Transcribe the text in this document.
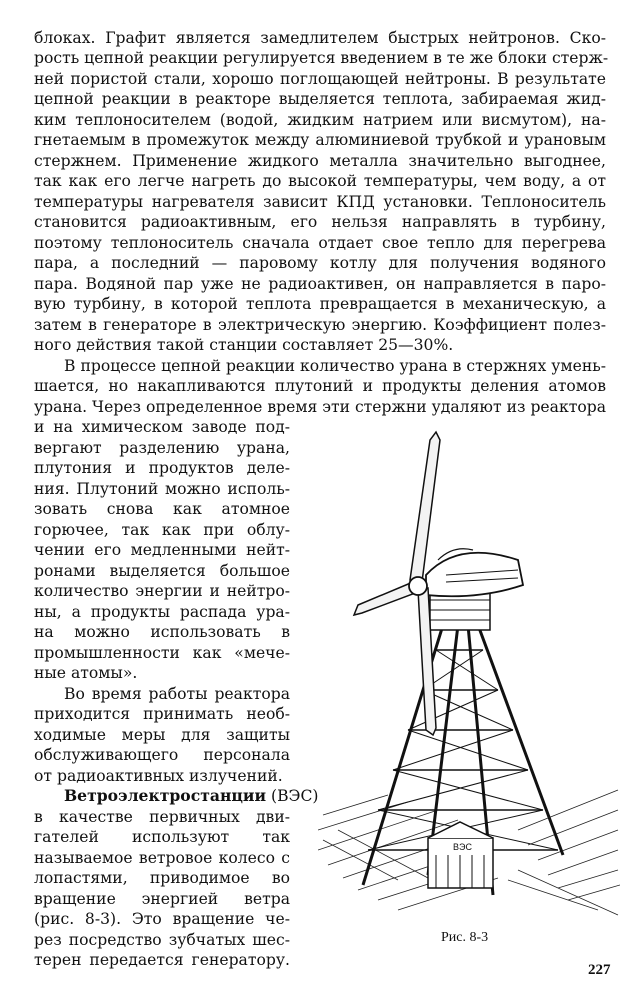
блоках. Графит является замедлителем быстрых нейтронов. Ско-
рость цепной реакции регулируется введением в те же блоки стерж-
ней пористой стали, хорошо поглощающей нейтроны. В результате
цепной реакции в реакторе выделяется теплота, забираемая жид-
ким теплоносителем (водой, жидким натрием или висмутом), на-
гнетаемым в промежуток между алюминиевой трубкой и урановым
стержнем. Применение жидкого металла значительно выгоднее,
так как его легче нагреть до высокой температуры, чем воду, а от
температуры нагревателя зависит КПД установки. Теплоноситель
становится радиоактивным, его нельзя направлять в турбину,
поэтому теплоноситель сначала отдает свое тепло для перегрева
пара, а последний — паровому котлу для получения водяного
пара. Водяной пар уже не радиоактивен, он направляется в паро-
вую турбину, в которой теплота превращается в механическую, а
затем в генераторе в электрическую энергию. Коэффициент полез-
ного действия такой станции составляет 25—30%.
В процессе цепной реакции количество урана в стержнях умень-
шается, но накапливаются плутоний и продукты деления атомов
урана. Через определенное время эти стержни удаляют из реактора
и на химическом заводе под-
вергают разделению урана,
плутония и продуктов деле-
ния. Плутоний можно исполь-
зовать снова как атомное
горючее, так как при облу-
чении его медленными нейт-
ронами выделяется большое
количество энергии и нейтро-
ны, а продукты распада ура-
на можно использовать в
промышленности как «мече-
ные атомы».
Во время работы реактора
приходится принимать необ-
ходимые меры для защиты
обслуживающего персонала
от радиоактивных излучений.
Ветроэлектростанции (ВЭС)
в качестве первичных дви-
гателей используют так
называемое ветровое колесо с
лопастями, приводимое во
вращение энергией ветра
(рис. 8-3). Это вращение че-
рез посредство зубчатых шес-
терен передается генератору.
ВЭС
Рис. 8-3
227
